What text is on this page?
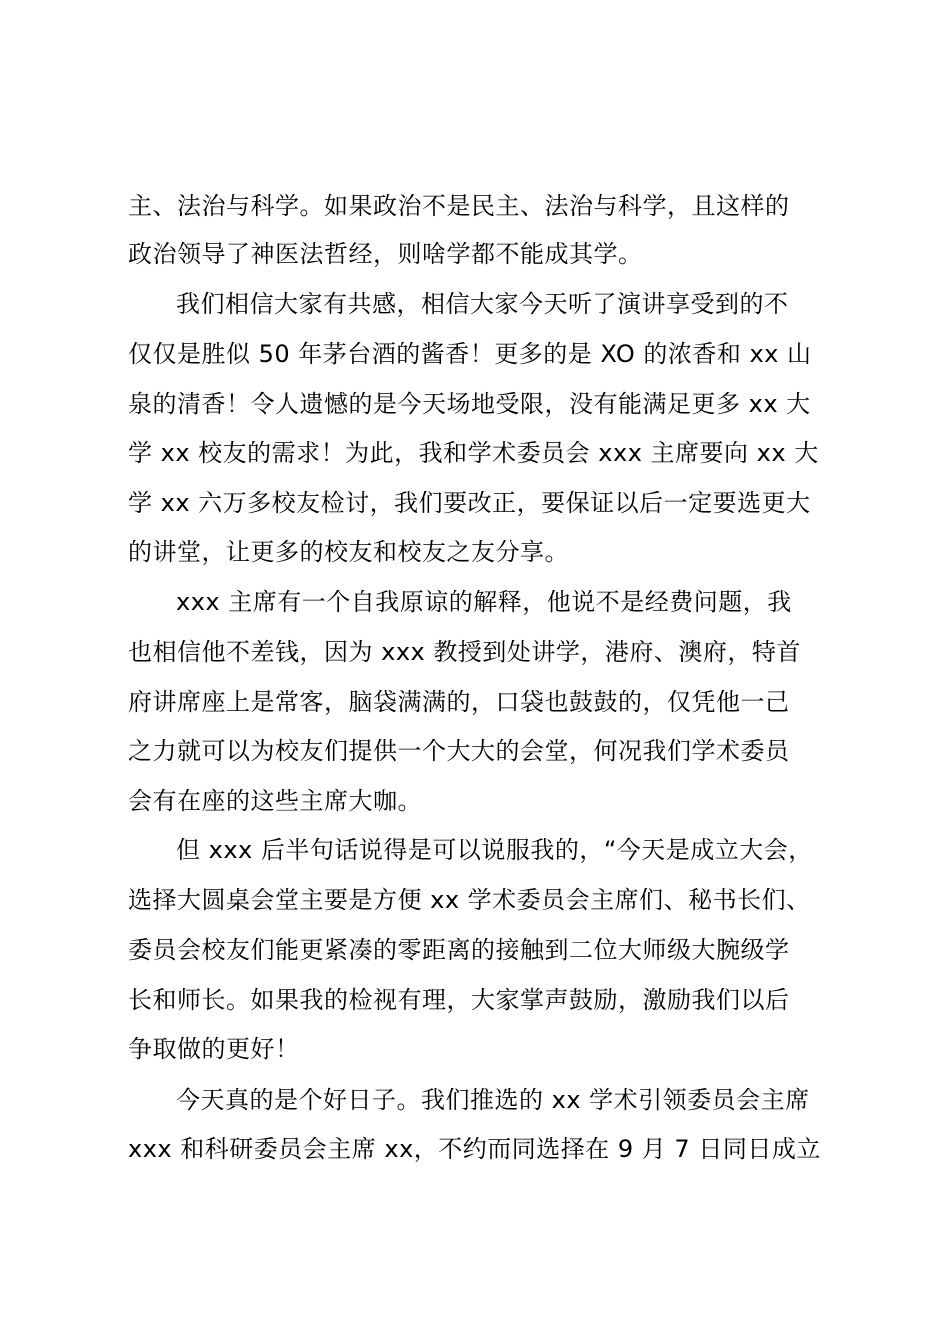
主、法治与科学。如果政治不是民主、法治与科学，且这样的
政治领导了神医法哲经，则啥学都不能成其学。
我们相信大家有共感，相信大家今天听了演讲享受到的不
仅仅是胜似 50 年茅台酒的酱香！更多的是 XO 的浓香和 xx 山
泉的清香！令人遗憾的是今天场地受限，没有能满足更多 xx 大
学 xx 校友的需求！为此，我和学术委员会 xxx 主席要向 xx 大
学 xx 六万多校友检讨，我们要改正，要保证以后一定要选更大
的讲堂，让更多的校友和校友之友分享。
xxx 主席有一个自我原谅的解释，他说不是经费问题，我
也相信他不差钱，因为 xxx 教授到处讲学，港府、澳府，特首
府讲席座上是常客，脑袋满满的，口袋也鼓鼓的，仅凭他一己
之力就可以为校友们提供一个大大的会堂，何况我们学术委员
会有在座的这些主席大咖。
但 xxx 后半句话说得是可以说服我的，“今天是成立大会，
选择大圆桌会堂主要是方便 xx 学术委员会主席们、秘书长们、
委员会校友们能更紧凑的零距离的接触到二位大师级大腕级学
长和师长。如果我的检视有理，大家掌声鼓励，激励我们以后
争取做的更好！
今天真的是个好日子。我们推选的 xx 学术引领委员会主席
xxx 和科研委员会主席 xx，不约而同选择在 9 月 7 日同日成立
